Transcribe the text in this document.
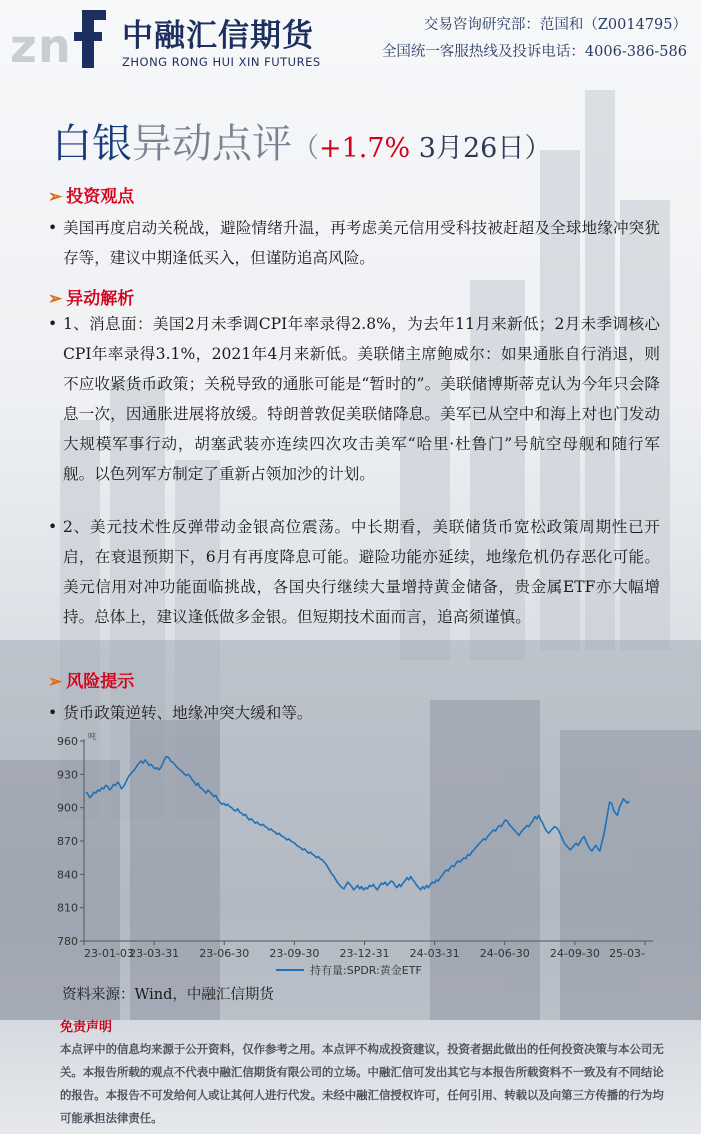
z n 中融汇信期货
ZHONG RONG HUI XIN FUTURES
交易咨询研究部：范国和（Z0014795）
全国统一客服热线及投诉电话：4006-386-586
白银异动点评（+1.7% 3月26日）
➢ 投资观点
• 美国再度启动关税战，避险情绪升温，再考虑美元信用受科技被赶超及全球地缘冲突犹存等，建议中期逢低买入，但谨防追高风险。
➢ 异动解析
• 1、消息面：美国2月未季调CPI年率录得2.8%，为去年11月来新低；2月未季调核心CPI年率录得3.1%，2021年4月来新低。美联储主席鲍威尔：如果通胀自行消退，则不应收紧货币政策；关税导致的通胀可能是“暂时的”。美联储博斯蒂克认为今年只会降息一次，因通胀进展将放缓。特朗普敦促美联储降息。美军已从空中和海上对也门发动大规模军事行动，胡塞武装亦连续四次攻击美军“哈里·杜鲁门”号航空母舰和随行军舰。以色列军方制定了重新占领加沙的计划。
• 2、美元技术性反弹带动金银高位震荡。中长期看，美联储货币宽松政策周期性已开启，在衰退预期下，6月有再度降息可能。避险功能亦延续，地缘危机仍存恶化可能。美元信用对冲功能面临挑战，各国央行继续大量增持黄金储备，贵金属ETF亦大幅增持。总体上，建议逢低做多金银。但短期技术面而言，追高须谨慎。
➢ 风险提示
• 货币政策逆转、地缘冲突大缓和等。
吨
960
930
900
870
840
810
780
23-01-03
23-03-31 23-06-30 23-09-30 23-12-31 24-03-31 24-06-30 24-09-30 25-03-
持有量:SPDR:黄金ETF
资料来源：Wind，中融汇信期货
免责声明
本点评中的信息均来源于公开资料，仅作参考之用。本点评不构成投资建议，投资者据此做出的任何投资决策与本公司无关。本报告所载的观点不代表中融汇信期货有限公司的立场。中融汇信可发出其它与本报告所载资料不一致及有不同结论的报告。本报告不可发给何人或让其何人进行代发。未经中融汇信授权许可，任何引用、转载以及向第三方传播的行为均可能承担法律责任。
